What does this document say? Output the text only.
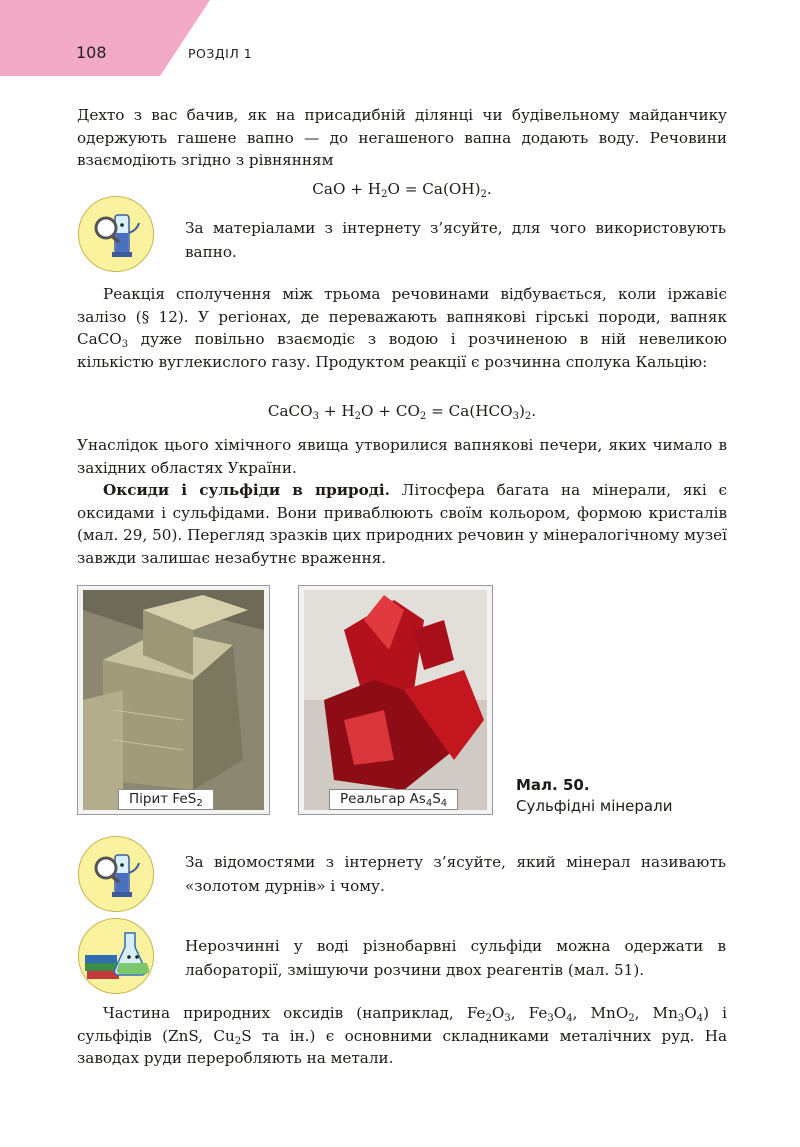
108	РОЗДІЛ 1

Дехто з вас бачив, як на присадибній ділянці чи будівельному майданчику одержують гашене вапно — до негашеного вапна додають воду. Речовини взаємодіють згідно з рівнянням

CaO + $H_2O = Ca(OH)_2$.

За матеріалами з інтернету з’ясуйте, для чого використовують вапно.

Реакція сполучення між трьома речовинами відбувається, коли іржавіє залізо (§ 12). У регіонах, де переважають вапнякові гірські породи, вапняк CaCO$_3$ дуже повільно взаємодіє з водою і розчиненою в ній невеликою кількістю вуглекислого газу. Продуктом реакції є розчинна сполука Кальцію:

CaCO$_3$ + $H_2O + CO_2 = Ca(HCO_3)_2$.

Унаслідок цього хімічного явища утворилися вапнякові печери, яких чимало в західних областях України.

Оксиди і сульфіди в природі. Літосфера багата на мінерали, які є оксидами і сульфідами. Вони приваблюють своїм кольором, формою кристалів (мал. 29, 50). Перегляд зразків цих природних речовин у мінералогічному музеї завжди залишає незабутнє враження.

Пірит FeS$_2$	Реальгар $As_4S_4$
Мал. 50.
Сульфідні мінерали

За відомостями з інтернету з’ясуйте, який мінерал називають «золотом дурнів» і чому.

Нерозчинні у воді різнобарвні сульфіди можна одержати в лабораторії, змішуючи розчини двох реагентів (мал. 51).

Частина природних оксидів (наприклад, $Fe_2O_3$, $Fe_3O_4$, MnO$_2$, $Mn_3O_4$) і сульфідів (ZnS, $Cu_2S$ та ін.) є основними складниками металічних руд. На заводах руди переробляють на метали.
